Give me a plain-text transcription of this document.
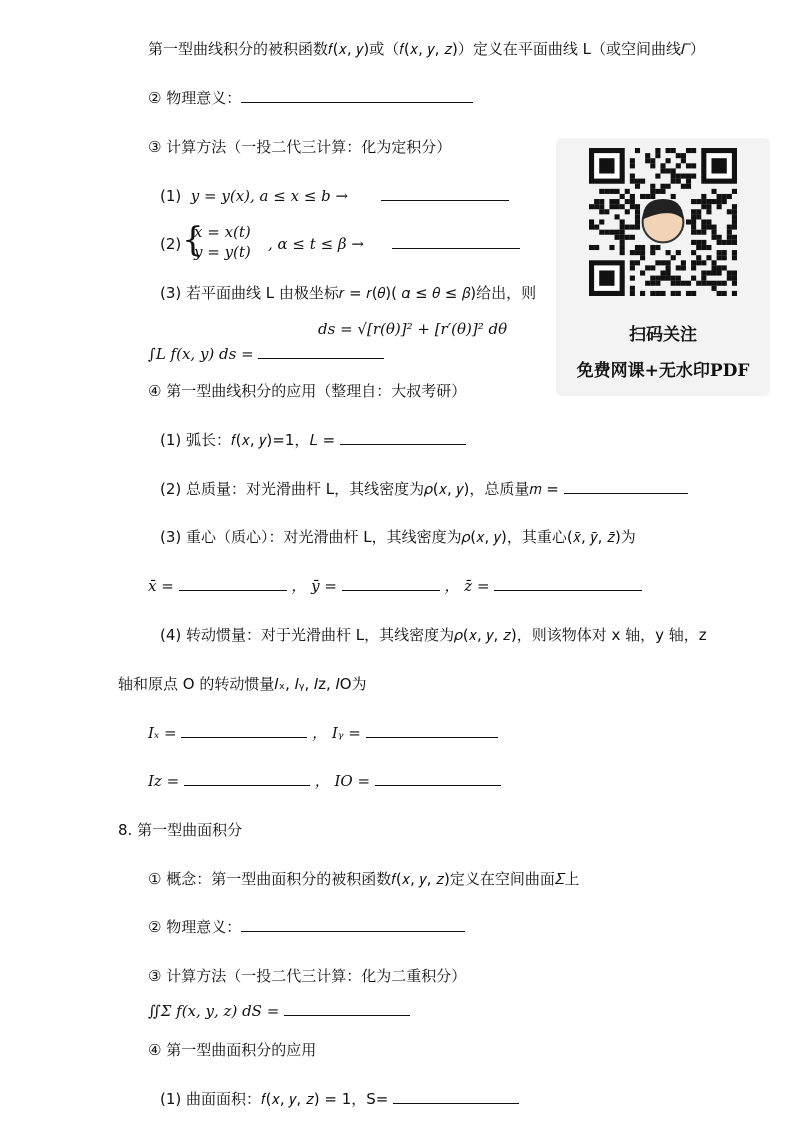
第一型曲线积分的被积函数𝑓(𝑥, 𝑦)或（𝑓(𝑥, 𝑦, 𝑧)）定义在平面曲线 L（或空间曲线𝛤）
② 物理意义：
③ 计算方法（一投二代三计算：化为定积分）
(1) 𝑦 = 𝑦(𝑥), 𝑎 ≤ 𝑥 ≤ 𝑏 →
(2) {
𝑥 = 𝑥(𝑡)
𝑦 = 𝑦(𝑡) , 𝛼 ≤ 𝑡 ≤ 𝛽 →
(3) 若平面曲线 L 由极坐标𝑟 = 𝑟(𝜃)( 𝛼 ≤ 𝜃 ≤ 𝛽)给出，则
𝑑𝑠 = √[𝑟(𝜃)]² + [𝑟′(𝜃)]² 𝑑𝜃
∫L 𝑓(𝑥, 𝑦) ds =
④ 第一型曲线积分的应用（整理自：大叔考研）
(1) 弧长：𝑓(𝑥, 𝑦)=1，𝐿 =
(2) 总质量：对光滑曲杆 L，其线密度为𝜌(𝑥, 𝑦)，总质量𝑚 =
(3) 重心（质心）：对光滑曲杆 L，其线密度为𝜌(𝑥, 𝑦)，其重心(𝑥̄, 𝑦̄, 𝑧̄)为
𝑥̄ =	， 𝑦̄ =	， 𝑧̄ =
(4) 转动惯量：对于光滑曲杆 L，其线密度为𝜌(𝑥, 𝑦, 𝑧)，则该物体对 x 轴，y 轴，z
轴和原点 O 的转动惯量𝐼ₓ, 𝐼ᵧ, 𝐼z, 𝐼O为
𝐼ₓ =	， 𝐼ᵧ =
𝐼z =	， 𝐼O =
8. 第一型曲面积分
① 概念：第一型曲面积分的被积函数𝑓(𝑥, 𝑦, 𝑧)定义在空间曲面𝛴上
② 物理意义：
③ 计算方法（一投二代三计算：化为二重积分）
∬Σ 𝑓(𝑥, 𝑦, 𝑧) 𝑑𝑆 =
④ 第一型曲面积分的应用
(1) 曲面面积：𝑓(𝑥, 𝑦, 𝑧) = 1，S=
扫码关注
免费网课+无水印PDF
